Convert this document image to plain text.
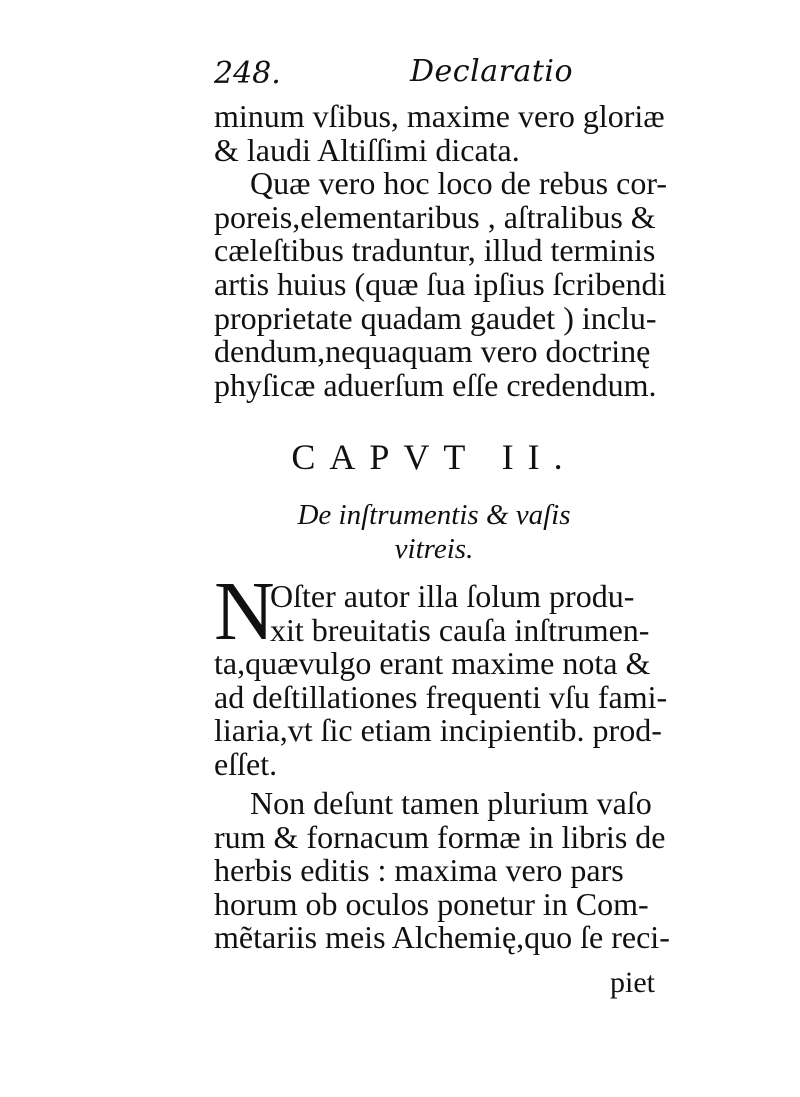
248.	Declaratio
minum vſibus, maxime vero gloriæ
& laudi Altiſſimi dicata.
Quæ vero hoc loco de rebus cor-
poreis,elementaribus , aſtralibus &
cæleſtibus traduntur, illud terminis
artis huius (quæ ſua ipſius ſcribendi
proprietate quadam gaudet ) inclu-
dendum,nequaquam vero doctrinę
phyſicæ aduerſum eſſe credendum.
CAPVT II.
De inſtrumentis & vaſis
vitreis.
N
Oſter autor illa ſolum produ-
xit breuitatis cauſa inſtrumen-
ta,quævulgo erant maxime nota &
ad deſtillationes frequenti vſu fami-
liaria,vt ſic etiam incipientib. prod-
eſſet.
Non deſunt tamen plurium vaſo
rum & fornacum formæ in libris de
herbis editis : maxima vero pars
horum ob oculos ponetur in Com-
mẽtariis meis Alchemię,quo ſe reci-
piet
